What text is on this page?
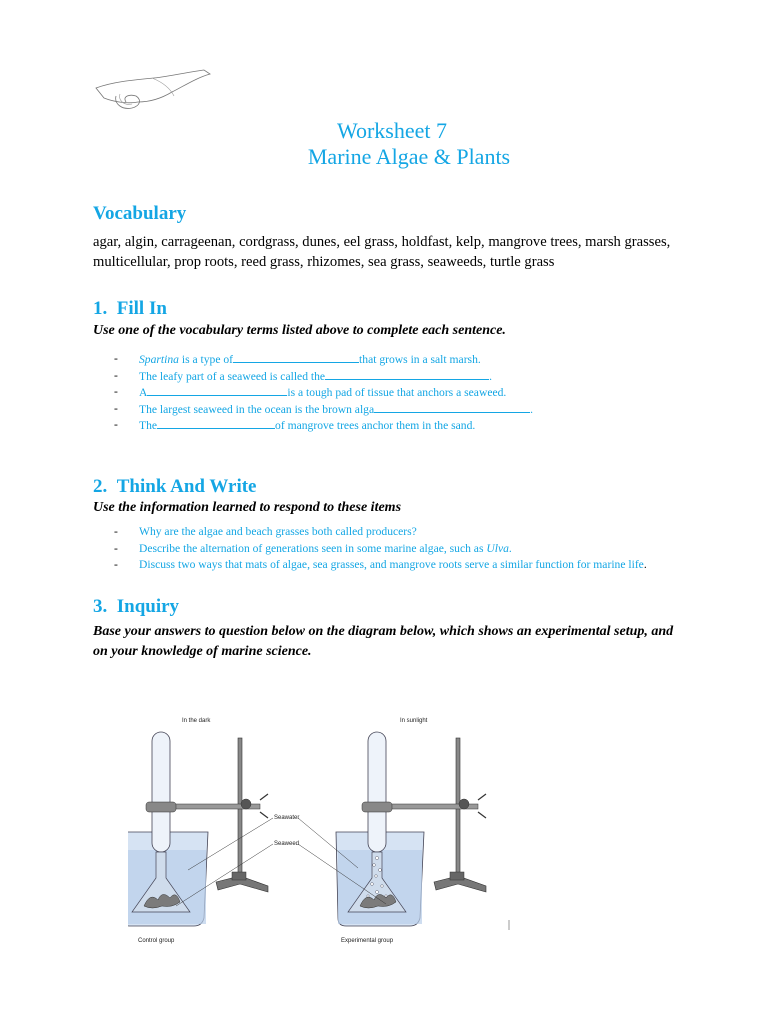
Worksheet 7
Marine Algae & Plants
Vocabulary
agar, algin, carrageenan, cordgrass, dunes, eel grass, holdfast, kelp, mangrove trees, marsh grasses, multicellular, prop roots, reed grass, rhizomes, sea grass, seaweeds, turtle grass
1. Fill In
Use one of the vocabulary terms listed above to complete each sentence.
- Spartina is a type of	that grows in a salt marsh.
- The leafy part of a seaweed is called the	.
- A	is a tough pad of tissue that anchors a seaweed.
- The largest seaweed in the ocean is the brown alga	.
- The	of mangrove trees anchor them in the sand.
2. Think And Write
Use the information learned to respond to these items
- Why are the algae and beach grasses both called producers?
- Describe the alternation of generations seen in some marine algae, such as Ulva.
- Discuss two ways that mats of algae, sea grasses, and mangrove roots serve a similar function for marine life.
3. Inquiry
Base your answers to question below on the diagram below, which shows an experimental setup, and on your knowledge of marine science.
In the dark	In sunlight
Seawater
Seaweed
Control group	Experimental group
